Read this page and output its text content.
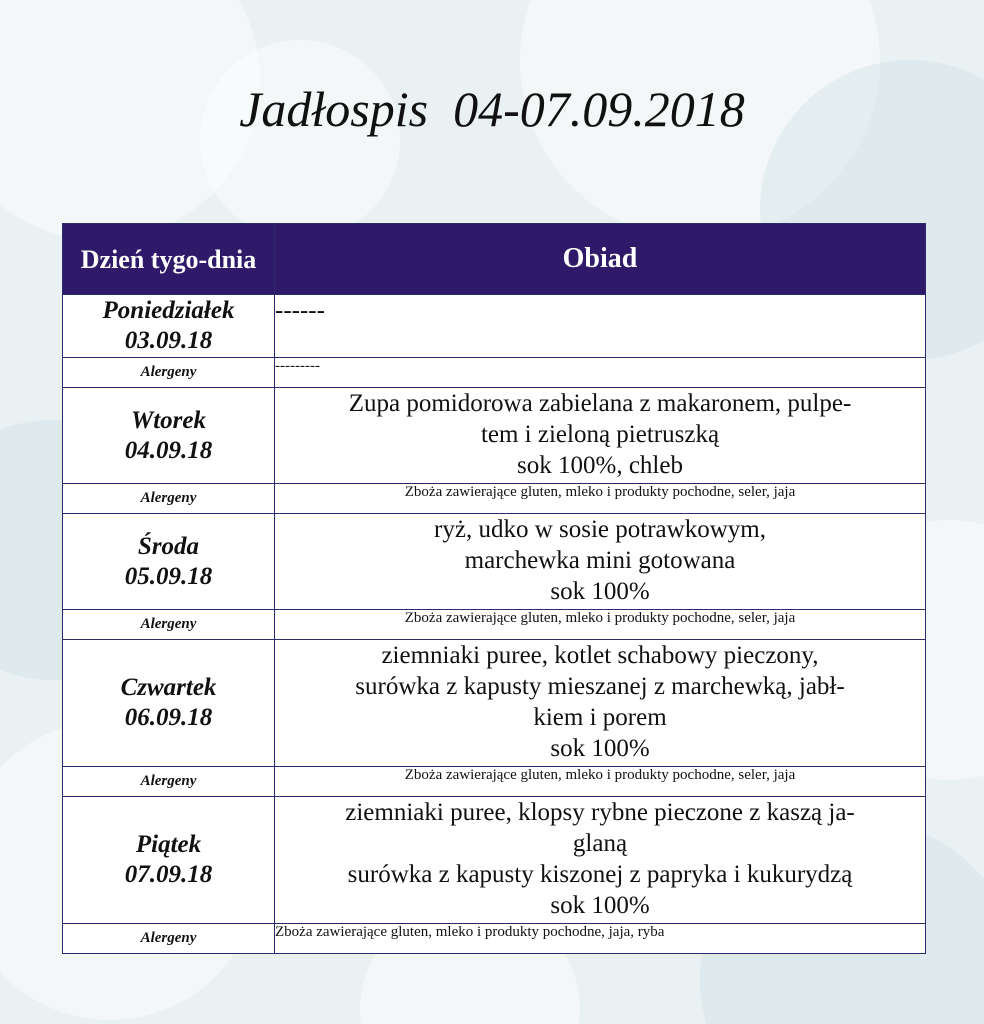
Jadłospis  04-07.09.2018
Dzień tygo-dnia	Obiad

Poniedziałek
03.09.18	------

Alergeny	---------

Wtorek
04.09.18	Zupa pomidorowa zabielana z makaronem, pulpe-
tem i zieloną pietruszką
sok 100%, chleb

Alergeny	Zboża zawierające gluten, mleko i produkty pochodne, seler, jaja

Środa
05.09.18	ryż, udko w sosie potrawkowym,
marchewka mini gotowana
sok 100%

Alergeny	Zboża zawierające gluten, mleko i produkty pochodne, seler, jaja

Czwartek
06.09.18	ziemniaki puree, kotlet schabowy pieczony,
surówka z kapusty mieszanej z marchewką, jabł-
kiem i porem
sok 100%

Alergeny	Zboża zawierające gluten, mleko i produkty pochodne, seler, jaja

Piątek
07.09.18	ziemniaki puree, klopsy rybne pieczone z kaszą ja-
glaną
surówka z kapusty kiszonej z papryka i kukurydzą
sok 100%

Alergeny	Zboża zawierające gluten, mleko i produkty pochodne, jaja, ryba
